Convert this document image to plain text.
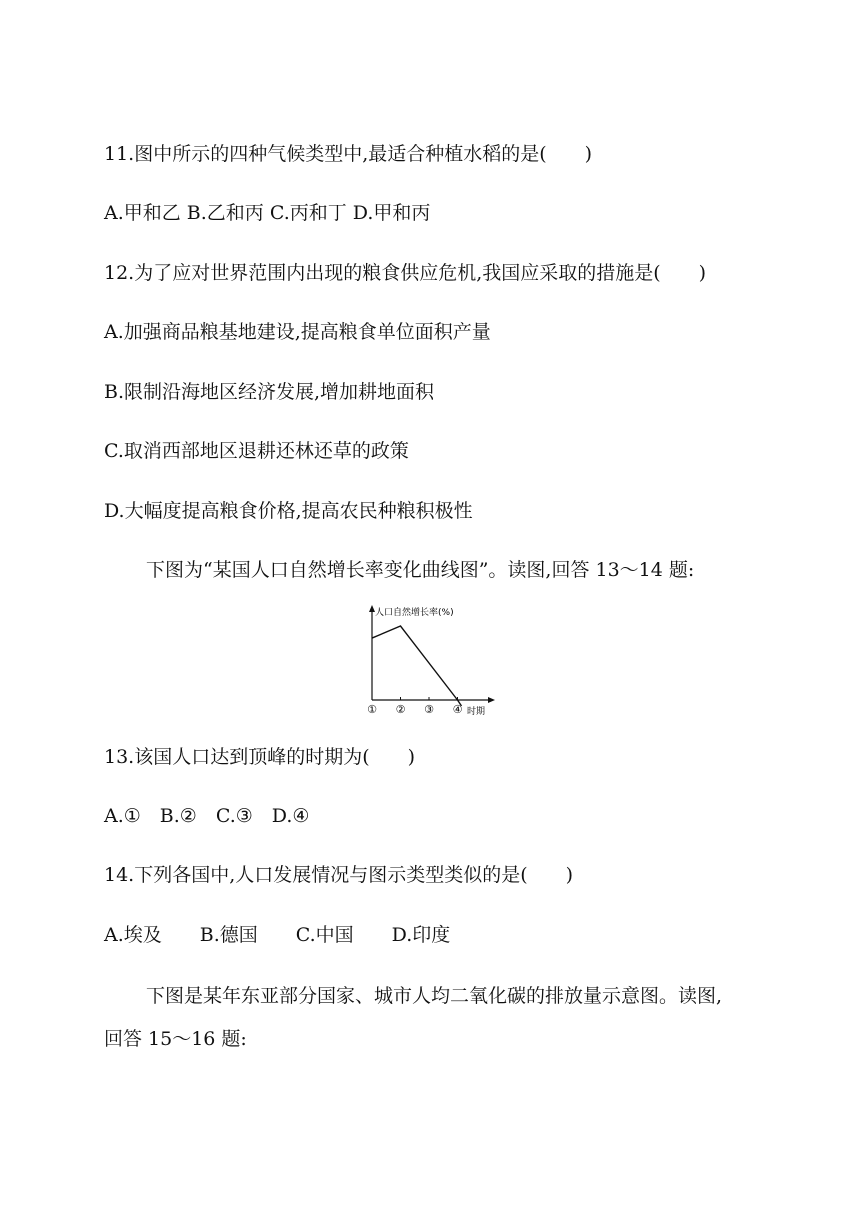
11.图中所示的四种气候类型中,最适合种植水稻的是(　　)
A.甲和乙 B.乙和丙 C.丙和丁 D.甲和丙
12.为了应对世界范围内出现的粮食供应危机,我国应采取的措施是(　　)
A.加强商品粮基地建设,提高粮食单位面积产量
B.限制沿海地区经济发展,增加耕地面积
C.取消西部地区退耕还林还草的政策
D.大幅度提高粮食价格,提高农民种粮积极性
下图为“某国人口自然增长率变化曲线图”。读图,回答 13～14 题:
人口自然增长率(%)
时期
① ② ③ ④
13.该国人口达到顶峰的时期为(　　)
A.①　B.②　C.③　D.④
14.下列各国中,人口发展情况与图示类型类似的是(　　)
A.埃及　　B.德国　　C.中国　　D.印度
下图是某年东亚部分国家、城市人均二氧化碳的排放量示意图。读图,
回答 15～16 题:
